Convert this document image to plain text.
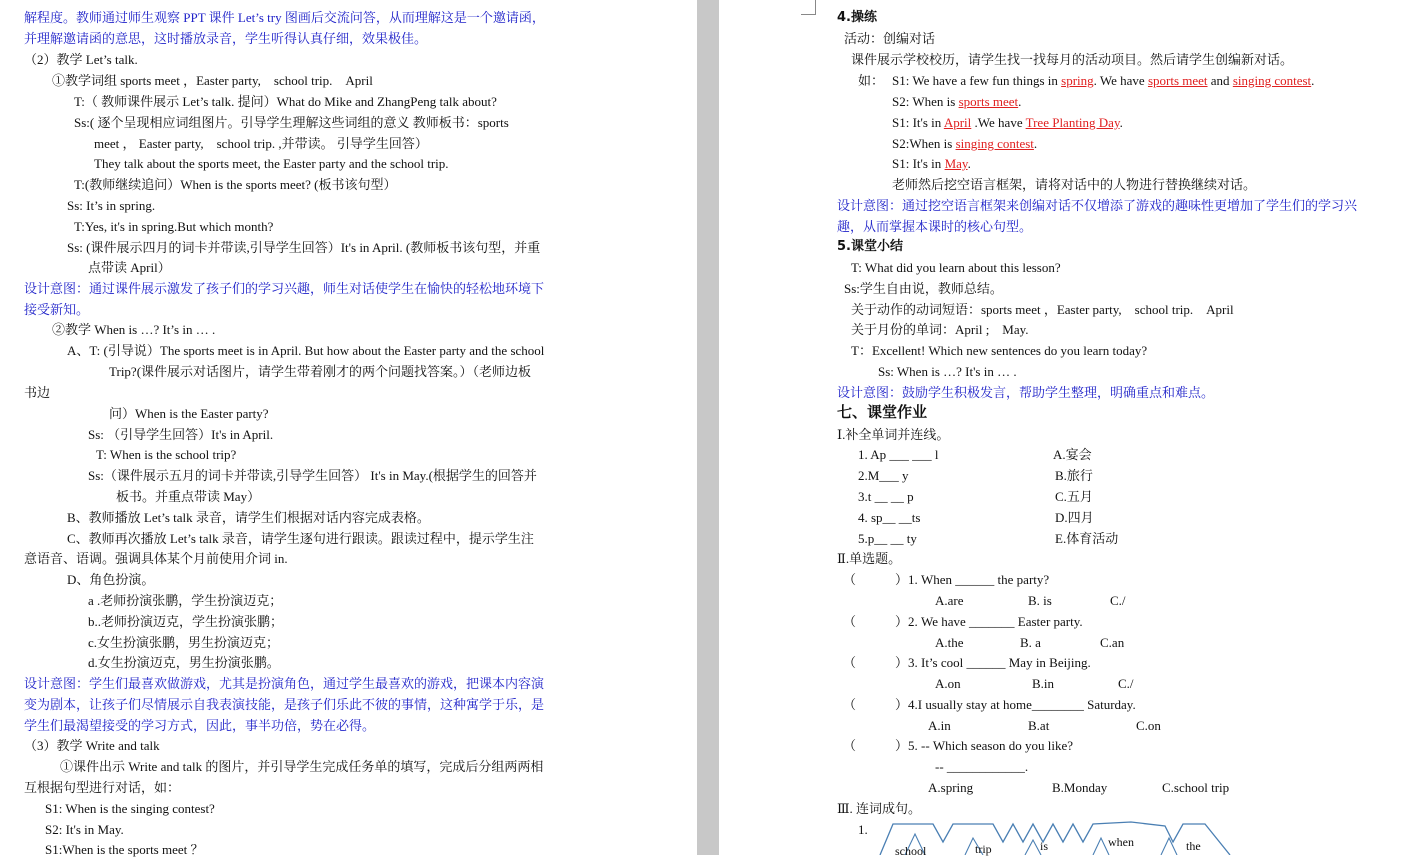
解程度。教师通过师生观察 PPT 课件 Let’s try 图画后交流问答，从而理解这是一个邀请函，
并理解邀请函的意思，这时播放录音，学生听得认真仔细，效果极佳。
（2）教学 Let’s talk.
①教学词组 sports meet ，Easter party,　school trip.　April
T:（ 教师课件展示 Let’s talk. 提问）What do Mike and ZhangPeng talk about?
Ss:( 逐个呈现相应词组图片。引导学生理解这些词组的意义 教师板书：sports
meet ， Easter party,　school trip. ,并带读。 引导学生回答）
They talk about the sports meet, the Easter party and the school trip.
T:(教师继续追问）When is the sports meet? (板书该句型）
Ss: It’s in spring.
T:Yes, it's in spring.But which month?
Ss: (课件展示四月的词卡并带读,引导学生回答）It's in April. (教师板书该句型，并重
点带读 April）
设计意图：通过课件展示激发了孩子们的学习兴趣，师生对话使学生在愉快的轻松地环境下
接受新知。
②教学 When is …? It’s in … .
A、T: (引导说）The sports meet is in April. But how about the Easter party and the school
Trip?(课件展示对话图片，请学生带着刚才的两个问题找答案。）（老师边板
书边
问）When is the Easter party?
Ss: （引导学生回答）It's in April.
T: When is the school trip?
Ss:（课件展示五月的词卡并带读,引导学生回答） It's in May.(根据学生的回答并
板书。并重点带读 May）
B、教师播放 Let’s talk 录音，请学生们根据对话内容完成表格。
C、教师再次播放 Let’s talk 录音，请学生逐句进行跟读。跟读过程中，提示学生注
意语音、语调。强调具体某个月前使用介词 in.
D、角色扮演。
a .老师扮演张鹏，学生扮演迈克；
b..老师扮演迈克，学生扮演张鹏；
c.女生扮演张鹏，男生扮演迈克；
d.女生扮演迈克，男生扮演张鹏。
设计意图：学生们最喜欢做游戏，尤其是扮演角色，通过学生最喜欢的游戏，把课本内容演
变为剧本，让孩子们尽情展示自我表演技能，是孩子们乐此不彼的事情，这种寓学于乐，是
学生们最渴望接受的学习方式，因此，事半功倍，势在必得。
（3）教学 Write and talk
①课件出示 Write and talk 的图片，并引导学生完成任务单的填写，完成后分组两两相
互根据句型进行对话，如：
S1: When is the singing contest?
S2: It's in May.
S1:When is the sports meet ？
4.操练
5.课堂小结
七、课堂作业
S1: We have a few fun things in spring. We have sports meet and singing contest.
S2: When is sports meet.
S1: It's in April .We have Tree Planting Day.
S2:When is singing contest.
S1: It's in May.
活动：创编对话
课件展示学校校历，请学生找一找每月的活动项目。然后请学生创编新对话。
如：
老师然后挖空语言框架，请将对话中的人物进行替换继续对话。
设计意图：通过挖空语言框架来创编对话不仅增添了游戏的趣味性更增加了学生们的学习兴
趣，从而掌握本课时的核心句型。
T: What did you learn about this lesson?
Ss:学生自由说，教师总结。
关于动作的动词短语：sports meet ，Easter party,　school trip.　April
关于月份的单词：April ;　May.
T：Excellent! Which new sentences do you learn today?
Ss: When is …? It's in … .
设计意图：鼓励学生积极发言，帮助学生整理，明确重点和难点。
Ⅰ.补全单词并连线。
1. Ap ___ ___ l	A.宴会
2.M___ y	B.旅行
3.t __ __ p	C.五月
4. sp__ __ts	D.四月
5.p__ __ ty	E.体育活动
Ⅱ.单选题。
（　　　）1. When ______ the party?
A.are	B. is	C./
（　　　）2. We have _______ Easter party.
A.the	B. a	C.an
（　　　）3. It’s cool ______ May in Beijing.
A.on	B.in	C./
（　　　）4.I usually stay at home________ Saturday.
A.in	B.at	C.on
（　　　）5. -- Which season do you like?
-- ____________.
A.spring	B.Monday	C.school trip
Ⅲ. 连词成句。
1.
school	trip	is	when	the
